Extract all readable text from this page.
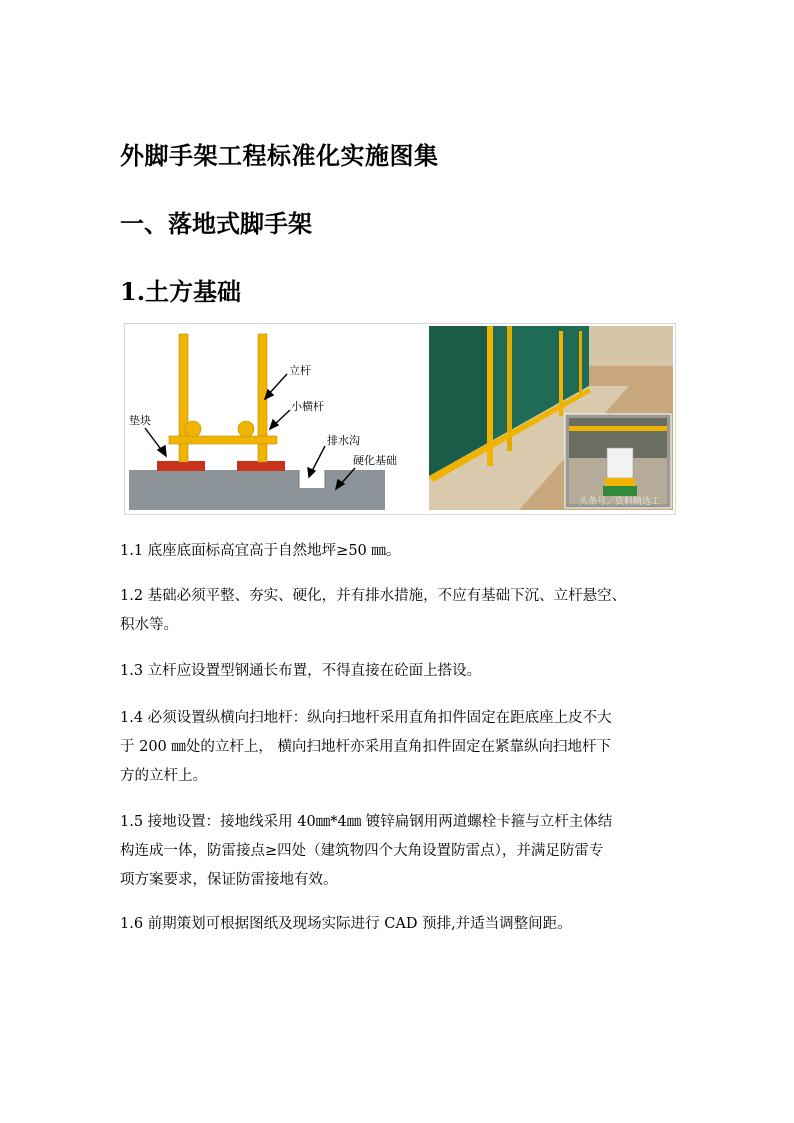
外脚手架工程标准化实施图集
一、落地式脚手架
1.土方基础
立杆
小横杆
垫块
排水沟
硬化基础
头条号／资料精选工

1.1 底座底面标高宜高于自然地坪≥50 ㎜。

1.2 基础必须平整、夯实、硬化，并有排水措施，不应有基础下沉、立杆悬空、
积水等。

1.3 立杆应设置型钢通长布置，不得直接在砼面上搭设。

1.4 必须设置纵横向扫地杆：纵向扫地杆采用直角扣件固定在距底座上皮不大
于 200 ㎜处的立杆上， 横向扫地杆亦采用直角扣件固定在紧靠纵向扫地杆下
方的立杆上。

1.5 接地设置：接地线采用 40㎜*4㎜ 镀锌扁钢用两道螺栓卡箍与立杆主体结
构连成一体，防雷接点≥四处（建筑物四个大角设置防雷点），并满足防雷专
项方案要求，保证防雷接地有效。

1.6 前期策划可根据图纸及现场实际进行 CAD 预排,并适当调整间距。
